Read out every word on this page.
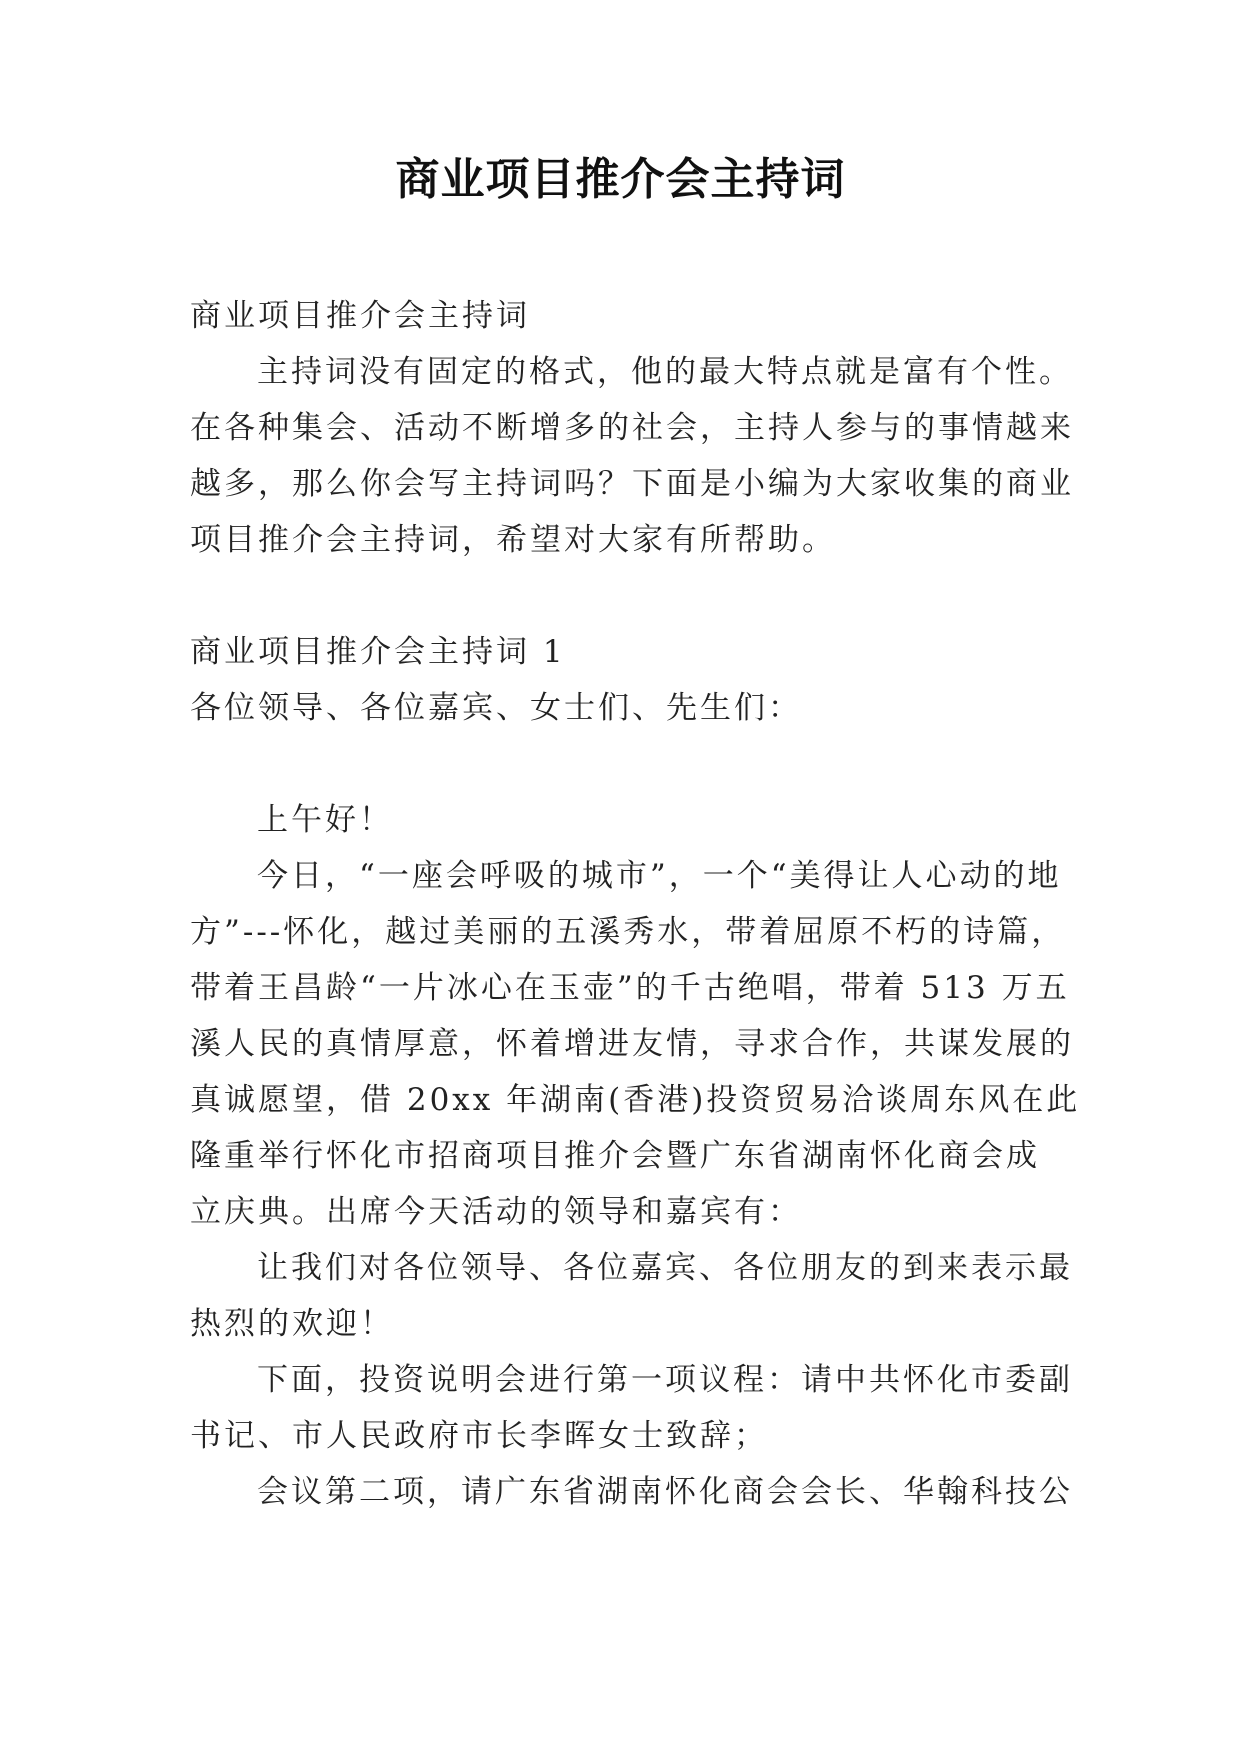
商业项目推介会主持词
商业项目推介会主持词
主持词没有固定的格式，他的最大特点就是富有个性。
在各种集会、活动不断增多的社会，主持人参与的事情越来
越多，那么你会写主持词吗？下面是小编为大家收集的商业
项目推介会主持词，希望对大家有所帮助。
商业项目推介会主持词 1
各位领导、各位嘉宾、女士们、先生们：
上午好！
今日，“一座会呼吸的城市”，一个“美得让人心动的地
方”---怀化，越过美丽的五溪秀水，带着屈原不朽的诗篇，
带着王昌龄“一片冰心在玉壶”的千古绝唱，带着 513 万五
溪人民的真情厚意，怀着增进友情，寻求合作，共谋发展的
真诚愿望，借 20xx 年湖南(香港)投资贸易洽谈周东风在此
隆重举行怀化市招商项目推介会暨广东省湖南怀化商会成
立庆典。出席今天活动的领导和嘉宾有：
让我们对各位领导、各位嘉宾、各位朋友的到来表示最
热烈的欢迎！
下面，投资说明会进行第一项议程：请中共怀化市委副
书记、市人民政府市长李晖女士致辞；
会议第二项，请广东省湖南怀化商会会长、华翰科技公
